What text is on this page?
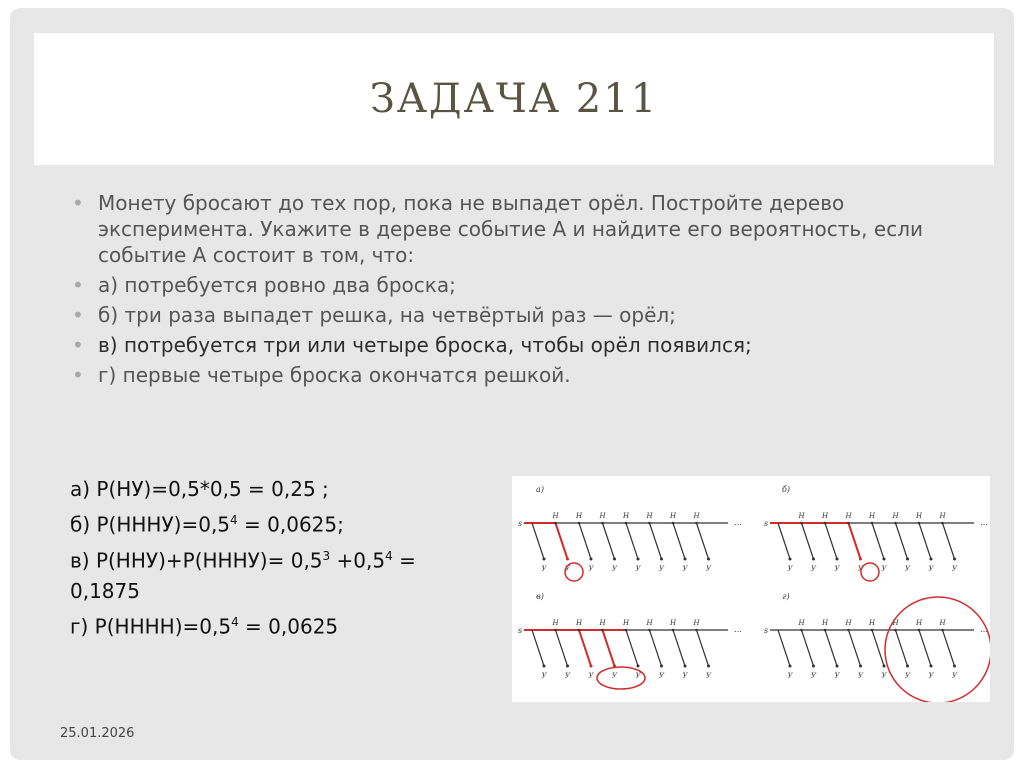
ЗАДАЧА 211
• Монету бросают до тех пор, пока не выпадет орёл. Постройте дерево эксперимента. Укажите в дереве событие А и найдите его вероятность, если событие А состоит в том, что:
• а) потребуется ровно два броска;
• б) три раза выпадет решка, на четвёртый раз — орёл;
• в) потребуется три или четыре броска, чтобы орёл появился;
• г) первые четыре броска окончатся решкой.
а) P(НУ)=0,5*0,5 = 0,25 ;
б) $P(НННУ)=0,5^4 = 0,0625$;
в) P(ННУ)+P(НННУ)= $0,5^3 +0,5^4$ =
0,1875
г) $P(НННН)=0,5^4 = 0,0625$
а)
s	...
У
Н
У
Н
У
Н
У
Н
У
Н
У
Н
У
Н
У
б)
s	...
У
Н
У
Н
У
Н
У
Н
У
Н
У
Н
У
Н
У
в)
s	...
У
Н
У
Н
У
Н
У
Н
У
Н
У
Н
У
Н
У
г)
s	...
У
Н
У
Н
У
Н
У
Н
У
Н
У
Н
У
Н
У
25.01.2026
